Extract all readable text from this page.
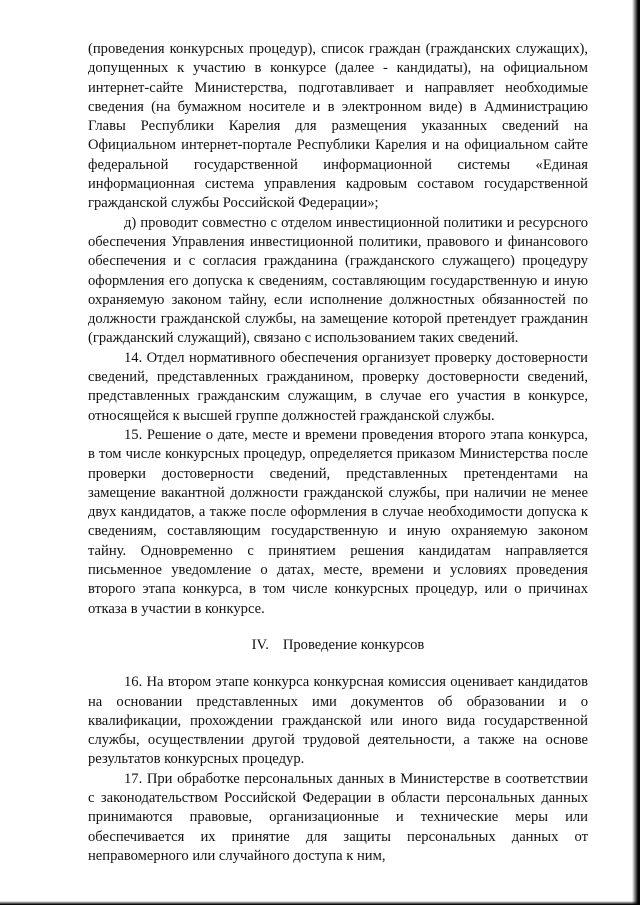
(проведения конкурсных процедур), список граждан (гражданских служащих), допущенных к участию в конкурсе (далее - кандидаты), на официальном интернет-сайте Министерства, подготавливает и направляет необходимые сведения (на бумажном носителе и в электронном виде) в Администрацию Главы Республики Карелия для размещения указанных сведений на Официальном интернет-портале Республики Карелия и на официальном сайте федеральной государственной информационной системы «Единая информационная система управления кадровым составом государственной гражданской службы Российской Федерации»;

д) проводит совместно с отделом инвестиционной политики и ресурсного обеспечения Управления инвестиционной политики, правового и финансового обеспечения и с согласия гражданина (гражданского служащего) процедуру оформления его допуска к сведениям, составляющим государственную и иную охраняемую законом тайну, если исполнение должностных обязанностей по должности гражданской службы, на замещение которой претендует гражданин (гражданский служащий), связано с использованием таких сведений.

14. Отдел нормативного обеспечения организует проверку достоверности сведений, представленных гражданином, проверку достоверности сведений, представленных гражданским служащим, в случае его участия в конкурсе, относящейся к высшей группе должностей гражданской службы.

15. Решение о дате, месте и времени проведения второго этапа конкурса, в том числе конкурсных процедур, определяется приказом Министерства после проверки достоверности сведений, представленных претендентами на замещение вакантной должности гражданской службы, при наличии не менее двух кандидатов, а также после оформления в случае необходимости допуска к сведениям, составляющим государственную и иную охраняемую законом тайну. Одновременно с принятием решения кандидатам направляется письменное уведомление о датах, месте, времени и условиях проведения второго этапа конкурса, в том числе конкурсных процедур, или о причинах отказа в участии в конкурсе.

IV. Проведение конкурсов

16. На втором этапе конкурса конкурсная комиссия оценивает кандидатов на основании представленных ими документов об образовании и о квалификации, прохождении гражданской или иного вида государственной службы, осуществлении другой трудовой деятельности, а также на основе результатов конкурсных процедур.

17. При обработке персональных данных в Министерстве в соответствии с законодательством Российской Федерации в области персональных данных принимаются правовые, организационные и технические меры или обеспечивается их принятие для защиты персональных данных от неправомерного или случайного доступа к ним,
